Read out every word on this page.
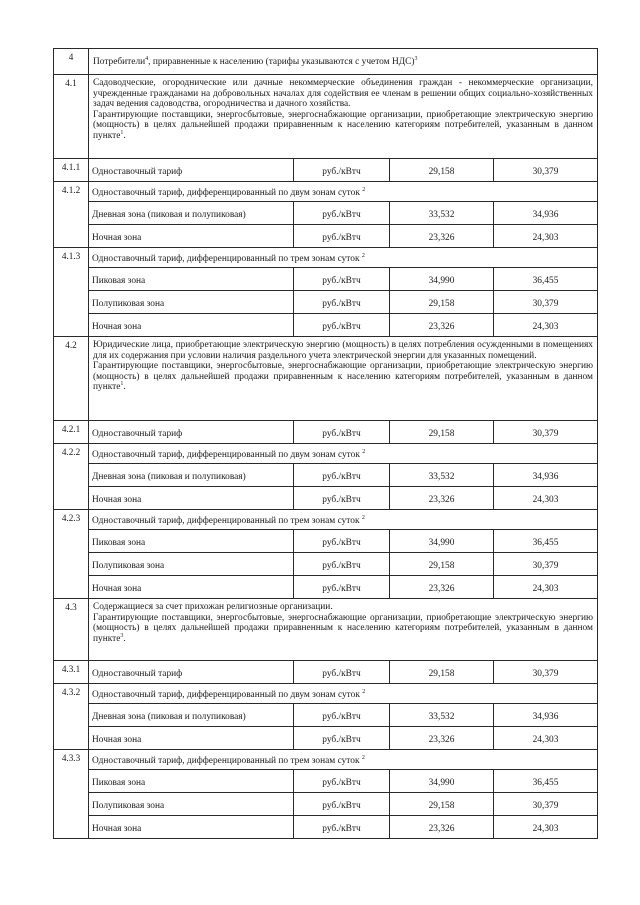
4	Потребители$^4$, приравненные к населению (тарифы указываются с учетом НДС)$^3$
4.1	Садоводческие, огороднические или дачные некоммерческие объединения граждан - некоммерческие организации, учрежденные гражданами на добровольных началах для содействия ее членам в решении общих социально-хозяйственных задач ведения садоводства, огородничества и дачного хозяйства.
Гарантирующие поставщики, энергосбытовые, энергоснабжающие организации, приобретающие электрическую энергию (мощность) в целях дальнейшей продажи приравненным к населению категориям потребителей, указанным в данном пункте$^1$.			

4.1.1	Одноставочный тариф	руб./кВтч	29,158	30,379
4.1.2	Одноставочный тариф, дифференцированный по двум зонам суток $^2$
	Дневная зона (пиковая и полупиковая)	руб./кВтч	33,532	34,936
	Ночная зона	руб./кВтч	23,326	24,303
4.1.3	Одноставочный тариф, дифференцированный по трем зонам суток $^2$
	Пиковая зона	руб./кВтч	34,990	36,455
	Полупиковая зона	руб./кВтч	29,158	30,379
	Ночная зона	руб./кВтч	23,326	24,303
4.2	Юридические лица, приобретающие электрическую энергию (мощность) в целях потребления осужденными в помещениях для их содержания при условии наличия раздельного учета электрической энергии для указанных помещений.
Гарантирующие поставщики, энергосбытовые, энергоснабжающие организации, приобретающие электрическую энергию (мощность) в целях дальнейшей продажи приравненным к населению категориям потребителей, указанным в данном пункте$^1$.			

4.2.1	Одноставочный тариф	руб./кВтч	29,158	30,379
4.2.2	Одноставочный тариф, дифференцированный по двум зонам суток $^2$
	Дневная зона (пиковая и полупиковая)	руб./кВтч	33,532	34,936
	Ночная зона	руб./кВтч	23,326	24,303
4.2.3	Одноставочный тариф, дифференцированный по трем зонам суток $^2$
	Пиковая зона	руб./кВтч	34,990	36,455
	Полупиковая зона	руб./кВтч	29,158	30,379
	Ночная зона	руб./кВтч	23,326	24,303
4.3	Содержащиеся за счет прихожан религиозные организации.
Гарантирующие поставщики, энергосбытовые, энергоснабжающие организации, приобретающие электрическую энергию (мощность) в целях дальнейшей продажи приравненным к населению категориям потребителей, указанным в данном пункте$^3$.			

4.3.1	Одноставочный тариф	руб./кВтч	29,158	30,379
4.3.2	Одноставочный тариф, дифференцированный по двум зонам суток $^2$
	Дневная зона (пиковая и полупиковая)	руб./кВтч	33,532	34,936
	Ночная зона	руб./кВтч	23,326	24,303
4.3.3	Одноставочный тариф, дифференцированный по трем зонам суток $^2$
	Пиковая зона	руб./кВтч	34,990	36,455
	Полупиковая зона	руб./кВтч	29,158	30,379
	Ночная зона	руб./кВтч	23,326	24,303
